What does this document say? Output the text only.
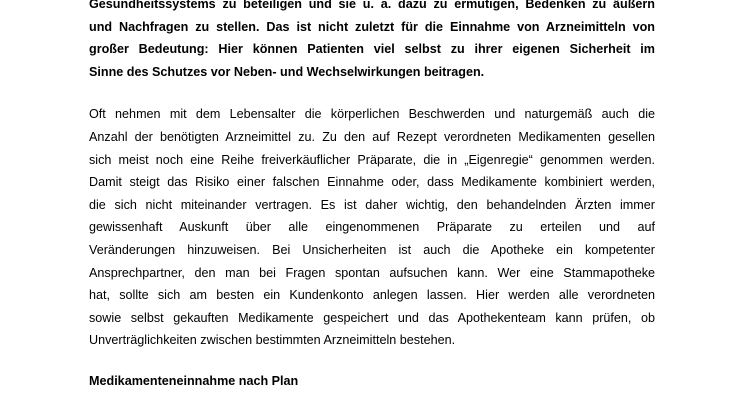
Gesundheitssystems zu beteiligen und sie u. a. dazu zu ermutigen, Bedenken zu äußern
und Nachfragen zu stellen. Das ist nicht zuletzt für die Einnahme von Arzneimitteln von
großer Bedeutung: Hier können Patienten viel selbst zu ihrer eigenen Sicherheit im
Sinne des Schutzes vor Neben- und Wechselwirkungen beitragen.
Oft nehmen mit dem Lebensalter die körperlichen Beschwerden und naturgemäß auch die
Anzahl der benötigten Arzneimittel zu. Zu den auf Rezept verordneten Medikamenten gesellen
sich meist noch eine Reihe freiverkäuflicher Präparate, die in „Eigenregie“ genommen werden.
Damit steigt das Risiko einer falschen Einnahme oder, dass Medikamente kombiniert werden,
die sich nicht miteinander vertragen. Es ist daher wichtig, den behandelnden Ärzten immer
gewissenhaft Auskunft über alle eingenommenen Präparate zu erteilen und auf
Veränderungen hinzuweisen. Bei Unsicherheiten ist auch die Apotheke ein kompetenter
Ansprechpartner, den man bei Fragen spontan aufsuchen kann. Wer eine Stammapotheke
hat, sollte sich am besten ein Kundenkonto anlegen lassen. Hier werden alle verordneten
sowie selbst gekauften Medikamente gespeichert und das Apothekenteam kann prüfen, ob
Unverträglichkeiten zwischen bestimmten Arzneimitteln bestehen.
Medikamenteneinnahme nach Plan
